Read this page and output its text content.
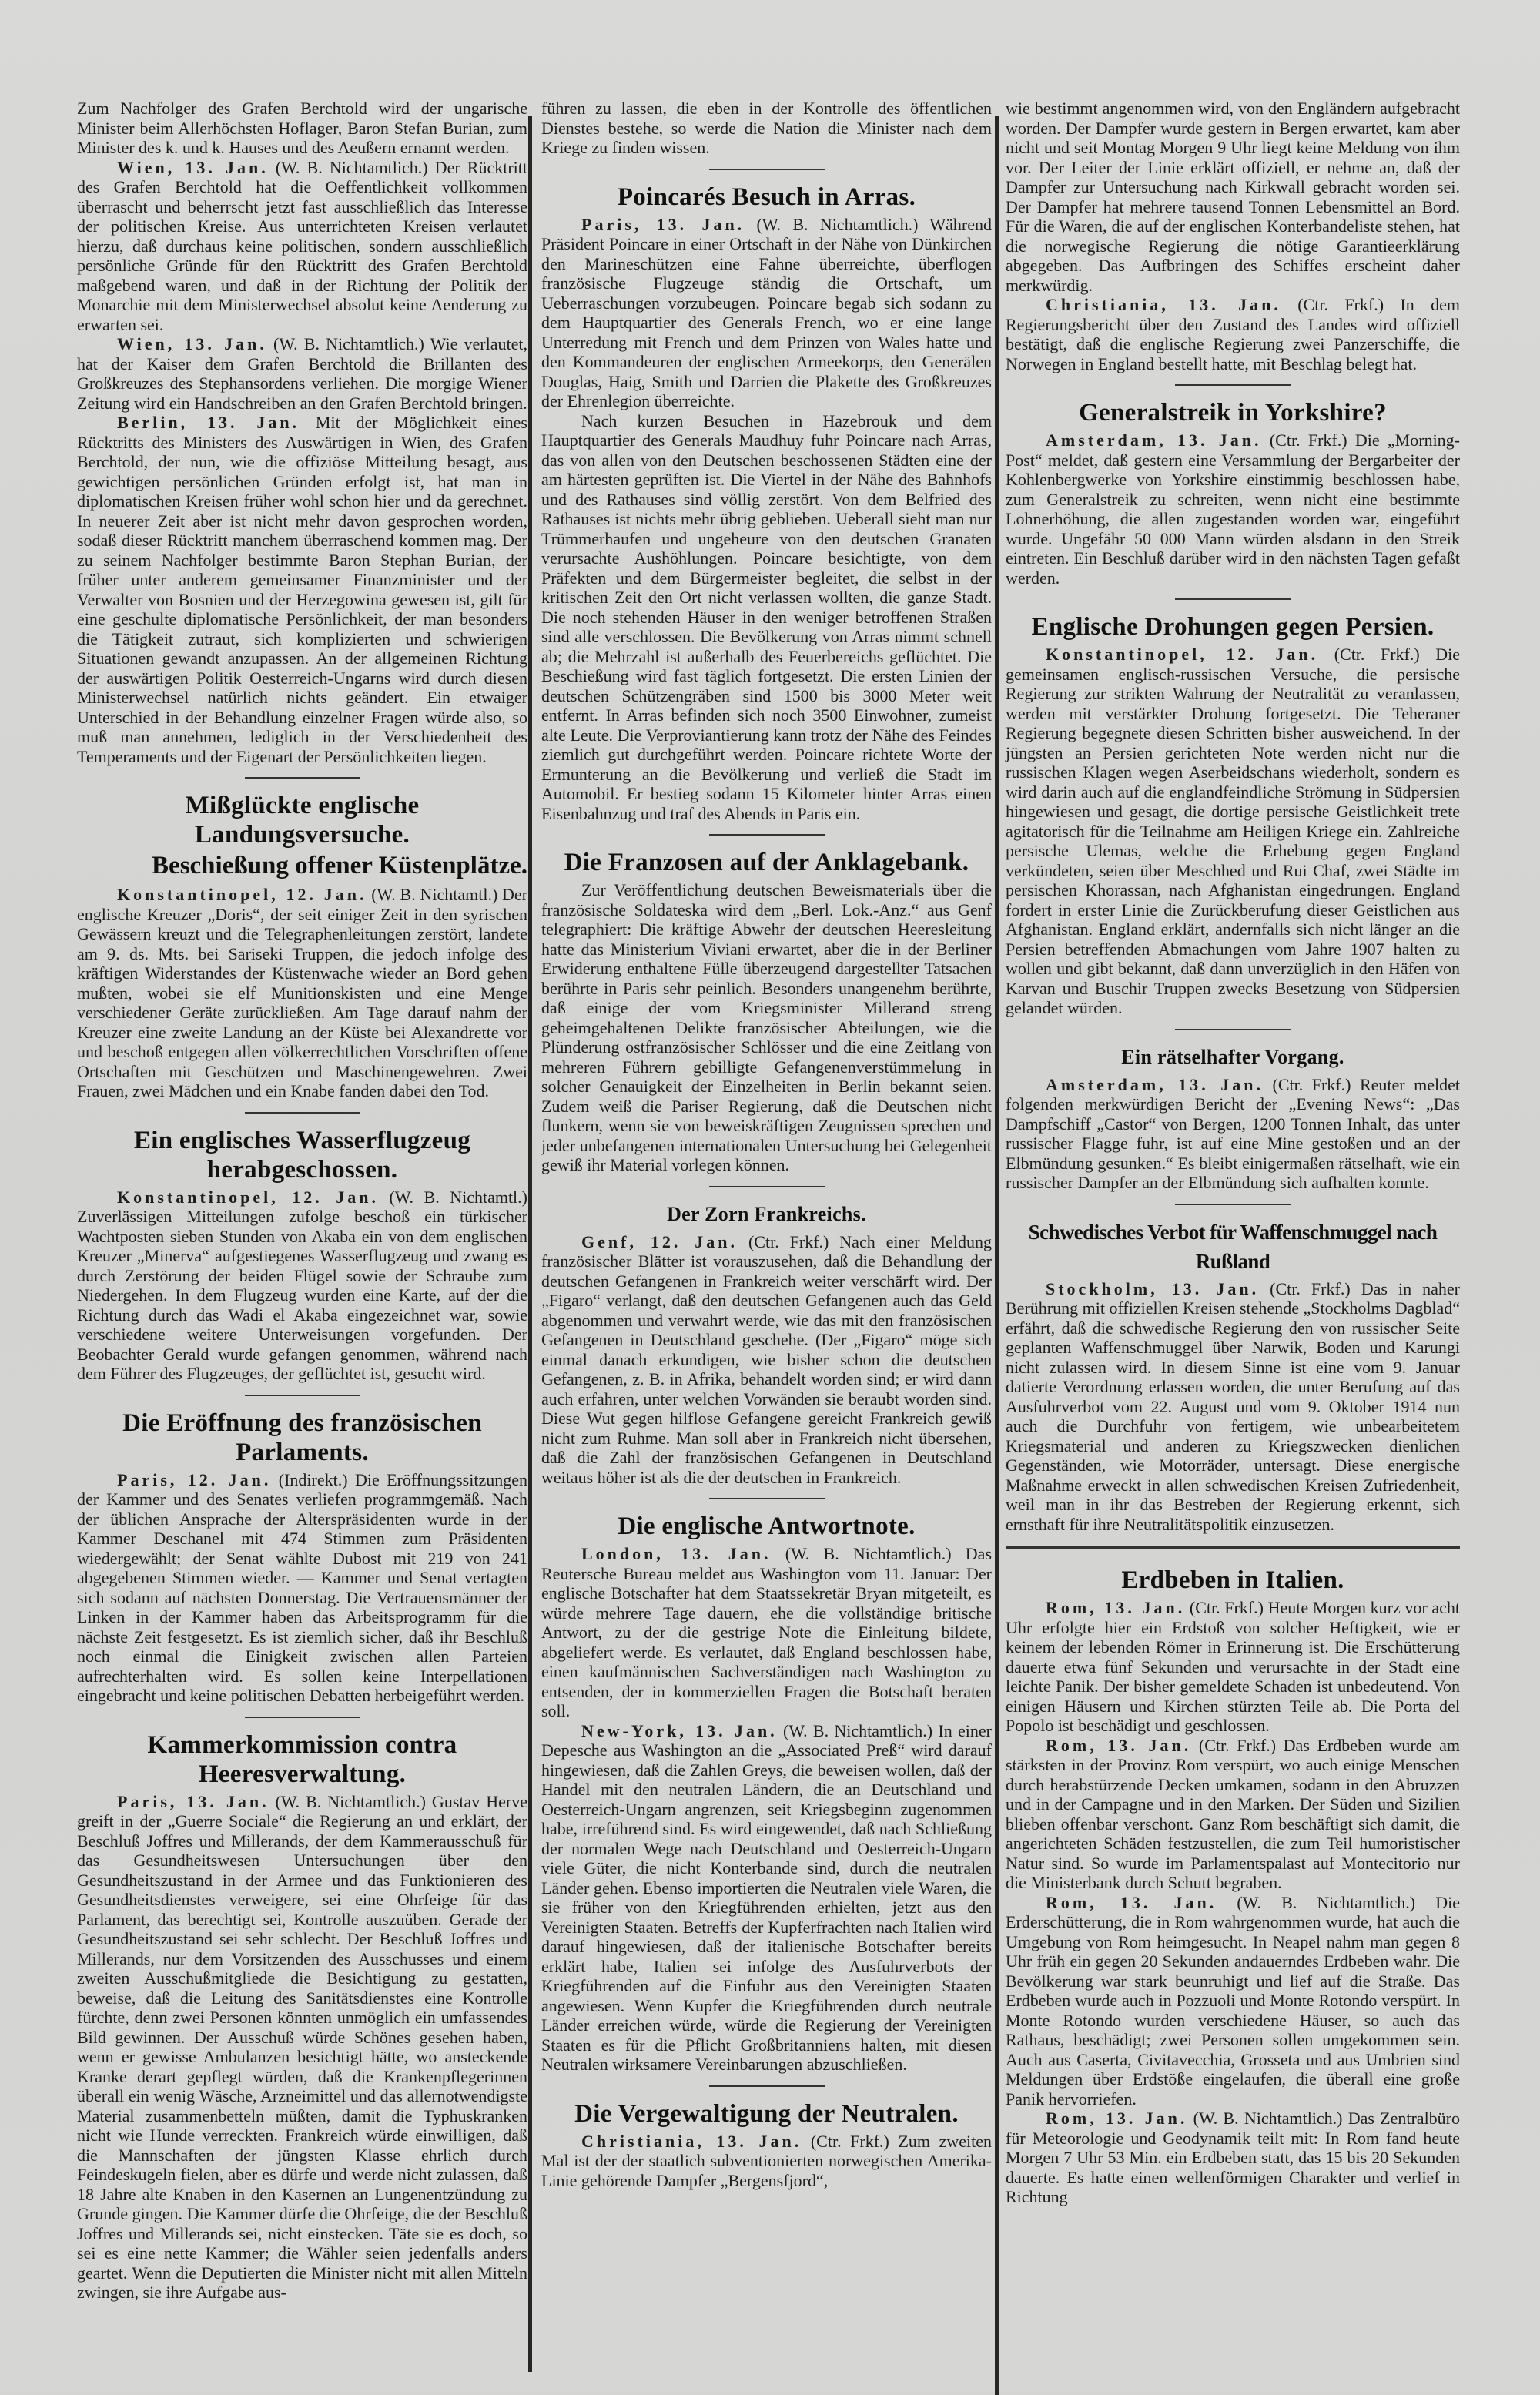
Zum Nachfolger des Grafen Berchtold wird der ungarische Minister beim Allerhöchsten Hoflager, Baron Stefan Burian, zum Minister des k. und k. Hauses und des Aeußern ernannt werden.

Wien, 13. Jan. (W. B. Nichtamtlich.) Der Rücktritt des Grafen Berchtold hat die Oeffentlichkeit vollkommen überrascht und beherrscht jetzt fast ausschließlich das Interesse der politischen Kreise. Aus unterrichteten Kreisen verlautet hierzu, daß durchaus keine politischen, sondern ausschließlich persönliche Gründe für den Rücktritt des Grafen Berchtold maßgebend waren, und daß in der Richtung der Politik der Monarchie mit dem Ministerwechsel absolut keine Aenderung zu erwarten sei.

Wien, 13. Jan. (W. B. Nichtamtlich.) Wie verlautet, hat der Kaiser dem Grafen Berchtold die Brillanten des Großkreuzes des Stephansordens verliehen. Die morgige Wiener Zeitung wird ein Handschreiben an den Grafen Berchtold bringen.

Berlin, 13. Jan. Mit der Möglichkeit eines Rücktritts des Ministers des Auswärtigen in Wien, des Grafen Berchtold, der nun, wie die offiziöse Mitteilung besagt, aus gewichtigen persönlichen Gründen erfolgt ist, hat man in diplomatischen Kreisen früher wohl schon hier und da gerechnet. In neuerer Zeit aber ist nicht mehr davon gesprochen worden, sodaß dieser Rücktritt manchem überraschend kommen mag. Der zu seinem Nachfolger bestimmte Baron Stephan Burian, der früher unter anderem gemeinsamer Finanzminister und der Verwalter von Bosnien und der Herzegowina gewesen ist, gilt für eine geschulte diplomatische Persönlichkeit, der man besonders die Tätigkeit zutraut, sich komplizierten und schwierigen Situationen gewandt anzupassen. An der allgemeinen Richtung der auswärtigen Politik Oesterreich-Ungarns wird durch diesen Ministerwechsel natürlich nichts geändert. Ein etwaiger Unterschied in der Behandlung einzelner Fragen würde also, so muß man annehmen, lediglich in der Verschiedenheit des Temperaments und der Eigenart der Persönlichkeiten liegen.

Mißglückte englische Landungsversuche.
Beschießung offener Küstenplätze.

Konstantinopel, 12. Jan. (W. B. Nichtamtl.) Der englische Kreuzer „Doris“, der seit einiger Zeit in den syrischen Gewässern kreuzt und die Telegraphenleitungen zerstört, landete am 9. ds. Mts. bei Sariseki Truppen, die jedoch infolge des kräftigen Widerstandes der Küstenwache wieder an Bord gehen mußten, wobei sie elf Munitionskisten und eine Menge verschiedener Geräte zurückließen. Am Tage darauf nahm der Kreuzer eine zweite Landung an der Küste bei Alexandrette vor und beschoß entgegen allen völkerrechtlichen Vorschriften offene Ortschaften mit Geschützen und Maschinengewehren. Zwei Frauen, zwei Mädchen und ein Knabe fanden dabei den Tod.

Ein englisches Wasserflugzeug herabgeschossen.

Konstantinopel, 12. Jan. (W. B. Nichtamtl.) Zuverlässigen Mitteilungen zufolge beschoß ein türkischer Wachtposten sieben Stunden von Akaba ein von dem englischen Kreuzer „Minerva“ aufgestiegenes Wasserflugzeug und zwang es durch Zerstörung der beiden Flügel sowie der Schraube zum Niedergehen. In dem Flugzeug wurden eine Karte, auf der die Richtung durch das Wadi el Akaba eingezeichnet war, sowie verschiedene weitere Unterweisungen vorgefunden. Der Beobachter Gerald wurde gefangen genommen, während nach dem Führer des Flugzeuges, der geflüchtet ist, gesucht wird.

Die Eröffnung des französischen Parlaments.

Paris, 12. Jan. (Indirekt.) Die Eröffnungssitzungen der Kammer und des Senates verliefen programmgemäß. Nach der üblichen Ansprache der Alterspräsidenten wurde in der Kammer Deschanel mit 474 Stimmen zum Präsidenten wiedergewählt; der Senat wählte Dubost mit 219 von 241 abgegebenen Stimmen wieder. — Kammer und Senat vertagten sich sodann auf nächsten Donnerstag. Die Vertrauensmänner der Linken in der Kammer haben das Arbeitsprogramm für die nächste Zeit festgesetzt. Es ist ziemlich sicher, daß ihr Beschluß noch einmal die Einigkeit zwischen allen Parteien aufrechterhalten wird. Es sollen keine Interpellationen eingebracht und keine politischen Debatten herbeigeführt werden.

Kammerkommission contra Heeresverwaltung.

Paris, 13. Jan. (W. B. Nichtamtlich.) Gustav Herve greift in der „Guerre Sociale“ die Regierung an und erklärt, der Beschluß Joffres und Millerands, der dem Kammerausschuß für das Gesundheitswesen Untersuchungen über den Gesundheitszustand in der Armee und das Funktionieren des Gesundheitsdienstes verweigere, sei eine Ohrfeige für das Parlament, das berechtigt sei, Kontrolle auszuüben. Gerade der Gesundheitszustand sei sehr schlecht. Der Beschluß Joffres und Millerands, nur dem Vorsitzenden des Ausschusses und einem zweiten Ausschußmitgliede die Besichtigung zu gestatten, beweise, daß die Leitung des Sanitätsdienstes eine Kontrolle fürchte, denn zwei Personen könnten unmöglich ein umfassendes Bild gewinnen. Der Ausschuß würde Schönes gesehen haben, wenn er gewisse Ambulanzen besichtigt hätte, wo ansteckende Kranke derart gepflegt würden, daß die Krankenpflegerinnen überall ein wenig Wäsche, Arzneimittel und das allernotwendigste Material zusammenbetteln müßten, damit die Typhuskranken nicht wie Hunde verreckten. Frankreich würde einwilligen, daß die Mannschaften der jüngsten Klasse ehrlich durch Feindeskugeln fielen, aber es dürfe und werde nicht zulassen, daß 18 Jahre alte Knaben in den Kasernen an Lungenentzündung zu Grunde gingen. Die Kammer dürfe die Ohrfeige, die der Beschluß Joffres und Millerands sei, nicht einstecken. Täte sie es doch, so sei es eine nette Kammer; die Wähler seien jedenfalls anders geartet. Wenn die Deputierten die Minister nicht mit allen Mitteln zwingen, sie ihre Aufgabe aus-

führen zu lassen, die eben in der Kontrolle des öffentlichen Dienstes bestehe, so werde die Nation die Minister nach dem Kriege zu finden wissen.

Poincarés Besuch in Arras.

Paris, 13. Jan. (W. B. Nichtamtlich.) Während Präsident Poincare in einer Ortschaft in der Nähe von Dünkirchen den Marineschützen eine Fahne überreichte, überflogen französische Flugzeuge ständig die Ortschaft, um Ueberraschungen vorzubeugen. Poincare begab sich sodann zu dem Hauptquartier des Generals French, wo er eine lange Unterredung mit French und dem Prinzen von Wales hatte und den Kommandeuren der englischen Armeekorps, den Generälen Douglas, Haig, Smith und Darrien die Plakette des Großkreuzes der Ehrenlegion überreichte.

Nach kurzen Besuchen in Hazebrouk und dem Hauptquartier des Generals Maudhuy fuhr Poincare nach Arras, das von allen von den Deutschen beschossenen Städten eine der am härtesten geprüften ist. Die Viertel in der Nähe des Bahnhofs und des Rathauses sind völlig zerstört. Von dem Belfried des Rathauses ist nichts mehr übrig geblieben. Ueberall sieht man nur Trümmerhaufen und ungeheure von den deutschen Granaten verursachte Aushöhlungen. Poincare besichtigte, von dem Präfekten und dem Bürgermeister begleitet, die selbst in der kritischen Zeit den Ort nicht verlassen wollten, die ganze Stadt. Die noch stehenden Häuser in den weniger betroffenen Straßen sind alle verschlossen. Die Bevölkerung von Arras nimmt schnell ab; die Mehrzahl ist außerhalb des Feuerbereichs geflüchtet. Die Beschießung wird fast täglich fortgesetzt. Die ersten Linien der deutschen Schützengräben sind 1500 bis 3000 Meter weit entfernt. In Arras befinden sich noch 3500 Einwohner, zumeist alte Leute. Die Verproviantierung kann trotz der Nähe des Feindes ziemlich gut durchgeführt werden. Poincare richtete Worte der Ermunterung an die Bevölkerung und verließ die Stadt im Automobil. Er bestieg sodann 15 Kilometer hinter Arras einen Eisenbahnzug und traf des Abends in Paris ein.

Die Franzosen auf der Anklagebank.

Zur Veröffentlichung deutschen Beweismaterials über die französische Soldateska wird dem „Berl. Lok.-Anz.“ aus Genf telegraphiert: Die kräftige Abwehr der deutschen Heeresleitung hatte das Ministerium Viviani erwartet, aber die in der Berliner Erwiderung enthaltene Fülle überzeugend dargestellter Tatsachen berührte in Paris sehr peinlich. Besonders unangenehm berührte, daß einige der vom Kriegsminister Millerand streng geheimgehaltenen Delikte französischer Abteilungen, wie die Plünderung ostfranzösischer Schlösser und die eine Zeitlang von mehreren Führern gebilligte Gefangenenverstümmelung in solcher Genauigkeit der Einzelheiten in Berlin bekannt seien. Zudem weiß die Pariser Regierung, daß die Deutschen nicht flunkern, wenn sie von beweiskräftigen Zeugnissen sprechen und jeder unbefangenen internationalen Untersuchung bei Gelegenheit gewiß ihr Material vorlegen können.

Der Zorn Frankreichs.

Genf, 12. Jan. (Ctr. Frkf.) Nach einer Meldung französischer Blätter ist vorauszusehen, daß die Behandlung der deutschen Gefangenen in Frankreich weiter verschärft wird. Der „Figaro“ verlangt, daß den deutschen Gefangenen auch das Geld abgenommen und verwahrt werde, wie das mit den französischen Gefangenen in Deutschland geschehe. (Der „Figaro“ möge sich einmal danach erkundigen, wie bisher schon die deutschen Gefangenen, z. B. in Afrika, behandelt worden sind; er wird dann auch erfahren, unter welchen Vorwänden sie beraubt worden sind. Diese Wut gegen hilflose Gefangene gereicht Frankreich gewiß nicht zum Ruhme. Man soll aber in Frankreich nicht übersehen, daß die Zahl der französischen Gefangenen in Deutschland weitaus höher ist als die der deutschen in Frankreich.

Die englische Antwortnote.

London, 13. Jan. (W. B. Nichtamtlich.) Das Reutersche Bureau meldet aus Washington vom 11. Januar: Der englische Botschafter hat dem Staatssekretär Bryan mitgeteilt, es würde mehrere Tage dauern, ehe die vollständige britische Antwort, zu der die gestrige Note die Einleitung bildete, abgeliefert werde. Es verlautet, daß England beschlossen habe, einen kaufmännischen Sachverständigen nach Washington zu entsenden, der in kommerziellen Fragen die Botschaft beraten soll.

New-York, 13. Jan. (W. B. Nichtamtlich.) In einer Depesche aus Washington an die „Associated Preß“ wird darauf hingewiesen, daß die Zahlen Greys, die beweisen wollen, daß der Handel mit den neutralen Ländern, die an Deutschland und Oesterreich-Ungarn angrenzen, seit Kriegsbeginn zugenommen habe, irreführend sind. Es wird eingewendet, daß nach Schließung der normalen Wege nach Deutschland und Oesterreich-Ungarn viele Güter, die nicht Konterbande sind, durch die neutralen Länder gehen. Ebenso importierten die Neutralen viele Waren, die sie früher von den Kriegführenden erhielten, jetzt aus den Vereinigten Staaten. Betreffs der Kupferfrachten nach Italien wird darauf hingewiesen, daß der italienische Botschafter bereits erklärt habe, Italien sei infolge des Ausfuhrverbots der Kriegführenden auf die Einfuhr aus den Vereinigten Staaten angewiesen. Wenn Kupfer die Kriegführenden durch neutrale Länder erreichen würde, würde die Regierung der Vereinigten Staaten es für die Pflicht Großbritanniens halten, mit diesen Neutralen wirksamere Vereinbarungen abzuschließen.

Die Vergewaltigung der Neutralen.

Christiania, 13. Jan. (Ctr. Frkf.) Zum zweiten Mal ist der der staatlich subventionierten norwegischen Amerika-Linie gehörende Dampfer „Bergensfjord“,

wie bestimmt angenommen wird, von den Engländern aufgebracht worden. Der Dampfer wurde gestern in Bergen erwartet, kam aber nicht und seit Montag Morgen 9 Uhr liegt keine Meldung von ihm vor. Der Leiter der Linie erklärt offiziell, er nehme an, daß der Dampfer zur Untersuchung nach Kirkwall gebracht worden sei. Der Dampfer hat mehrere tausend Tonnen Lebensmittel an Bord. Für die Waren, die auf der englischen Konterbandeliste stehen, hat die norwegische Regierung die nötige Garantieerklärung abgegeben. Das Aufbringen des Schiffes erscheint daher merkwürdig.

Christiania, 13. Jan. (Ctr. Frkf.) In dem Regierungsbericht über den Zustand des Landes wird offiziell bestätigt, daß die englische Regierung zwei Panzerschiffe, die Norwegen in England bestellt hatte, mit Beschlag belegt hat.

Generalstreik in Yorkshire?

Amsterdam, 13. Jan. (Ctr. Frkf.) Die „Morning-Post“ meldet, daß gestern eine Versammlung der Bergarbeiter der Kohlenbergwerke von Yorkshire einstimmig beschlossen habe, zum Generalstreik zu schreiten, wenn nicht eine bestimmte Lohnerhöhung, die allen zugestanden worden war, eingeführt wurde. Ungefähr 50 000 Mann würden alsdann in den Streik eintreten. Ein Beschluß darüber wird in den nächsten Tagen gefaßt werden.

Englische Drohungen gegen Persien.

Konstantinopel, 12. Jan. (Ctr. Frkf.) Die gemeinsamen englisch-russischen Versuche, die persische Regierung zur strikten Wahrung der Neutralität zu veranlassen, werden mit verstärkter Drohung fortgesetzt. Die Teheraner Regierung begegnete diesen Schritten bisher ausweichend. In der jüngsten an Persien gerichteten Note werden nicht nur die russischen Klagen wegen Aserbeidschans wiederholt, sondern es wird darin auch auf die englandfeindliche Strömung in Südpersien hingewiesen und gesagt, die dortige persische Geistlichkeit trete agitatorisch für die Teilnahme am Heiligen Kriege ein. Zahlreiche persische Ulemas, welche die Erhebung gegen England verkündeten, seien über Meschhed und Rui Chaf, zwei Städte im persischen Khorassan, nach Afghanistan eingedrungen. England fordert in erster Linie die Zurückberufung dieser Geistlichen aus Afghanistan. England erklärt, andernfalls sich nicht länger an die Persien betreffenden Abmachungen vom Jahre 1907 halten zu wollen und gibt bekannt, daß dann unverzüglich in den Häfen von Karvan und Buschir Truppen zwecks Besetzung von Südpersien gelandet würden.

Ein rätselhafter Vorgang.

Amsterdam, 13. Jan. (Ctr. Frkf.) Reuter meldet folgenden merkwürdigen Bericht der „Evening News“: „Das Dampfschiff „Castor“ von Bergen, 1200 Tonnen Inhalt, das unter russischer Flagge fuhr, ist auf eine Mine gestoßen und an der Elbmündung gesunken.“ Es bleibt einigermaßen rätselhaft, wie ein russischer Dampfer an der Elbmündung sich aufhalten konnte.

Schwedisches Verbot für Waffenschmuggel nach Rußland

Stockholm, 13. Jan. (Ctr. Frkf.) Das in naher Berührung mit offiziellen Kreisen stehende „Stockholms Dagblad“ erfährt, daß die schwedische Regierung den von russischer Seite geplanten Waffenschmuggel über Narwik, Boden und Karungi nicht zulassen wird. In diesem Sinne ist eine vom 9. Januar datierte Verordnung erlassen worden, die unter Berufung auf das Ausfuhrverbot vom 22. August und vom 9. Oktober 1914 nun auch die Durchfuhr von fertigem, wie unbearbeitetem Kriegsmaterial und anderen zu Kriegszwecken dienlichen Gegenständen, wie Motorräder, untersagt. Diese energische Maßnahme erweckt in allen schwedischen Kreisen Zufriedenheit, weil man in ihr das Bestreben der Regierung erkennt, sich ernsthaft für ihre Neutralitätspolitik einzusetzen.

Erdbeben in Italien.

Rom, 13. Jan. (Ctr. Frkf.) Heute Morgen kurz vor acht Uhr erfolgte hier ein Erdstoß von solcher Heftigkeit, wie er keinem der lebenden Römer in Erinnerung ist. Die Erschütterung dauerte etwa fünf Sekunden und verursachte in der Stadt eine leichte Panik. Der bisher gemeldete Schaden ist unbedeutend. Von einigen Häusern und Kirchen stürzten Teile ab. Die Porta del Popolo ist beschädigt und geschlossen.

Rom, 13. Jan. (Ctr. Frkf.) Das Erdbeben wurde am stärksten in der Provinz Rom verspürt, wo auch einige Menschen durch herabstürzende Decken umkamen, sodann in den Abruzzen und in der Campagne und in den Marken. Der Süden und Sizilien blieben offenbar verschont. Ganz Rom beschäftigt sich damit, die angerichteten Schäden festzustellen, die zum Teil humoristischer Natur sind. So wurde im Parlamentspalast auf Montecitorio nur die Ministerbank durch Schutt begraben.

Rom, 13. Jan. (W. B. Nichtamtlich.) Die Erderschütterung, die in Rom wahrgenommen wurde, hat auch die Umgebung von Rom heimgesucht. In Neapel nahm man gegen 8 Uhr früh ein gegen 20 Sekunden andauerndes Erdbeben wahr. Die Bevölkerung war stark beunruhigt und lief auf die Straße. Das Erdbeben wurde auch in Pozzuoli und Monte Rotondo verspürt. In Monte Rotondo wurden verschiedene Häuser, so auch das Rathaus, beschädigt; zwei Personen sollen umgekommen sein. Auch aus Caserta, Civitavecchia, Grosseta und aus Umbrien sind Meldungen über Erdstöße eingelaufen, die überall eine große Panik hervorriefen.

Rom, 13. Jan. (W. B. Nichtamtlich.) Das Zentralbüro für Meteorologie und Geodynamik teilt mit: In Rom fand heute Morgen 7 Uhr 53 Min. ein Erdbeben statt, das 15 bis 20 Sekunden dauerte. Es hatte einen wellenförmigen Charakter und verlief in Richtung
